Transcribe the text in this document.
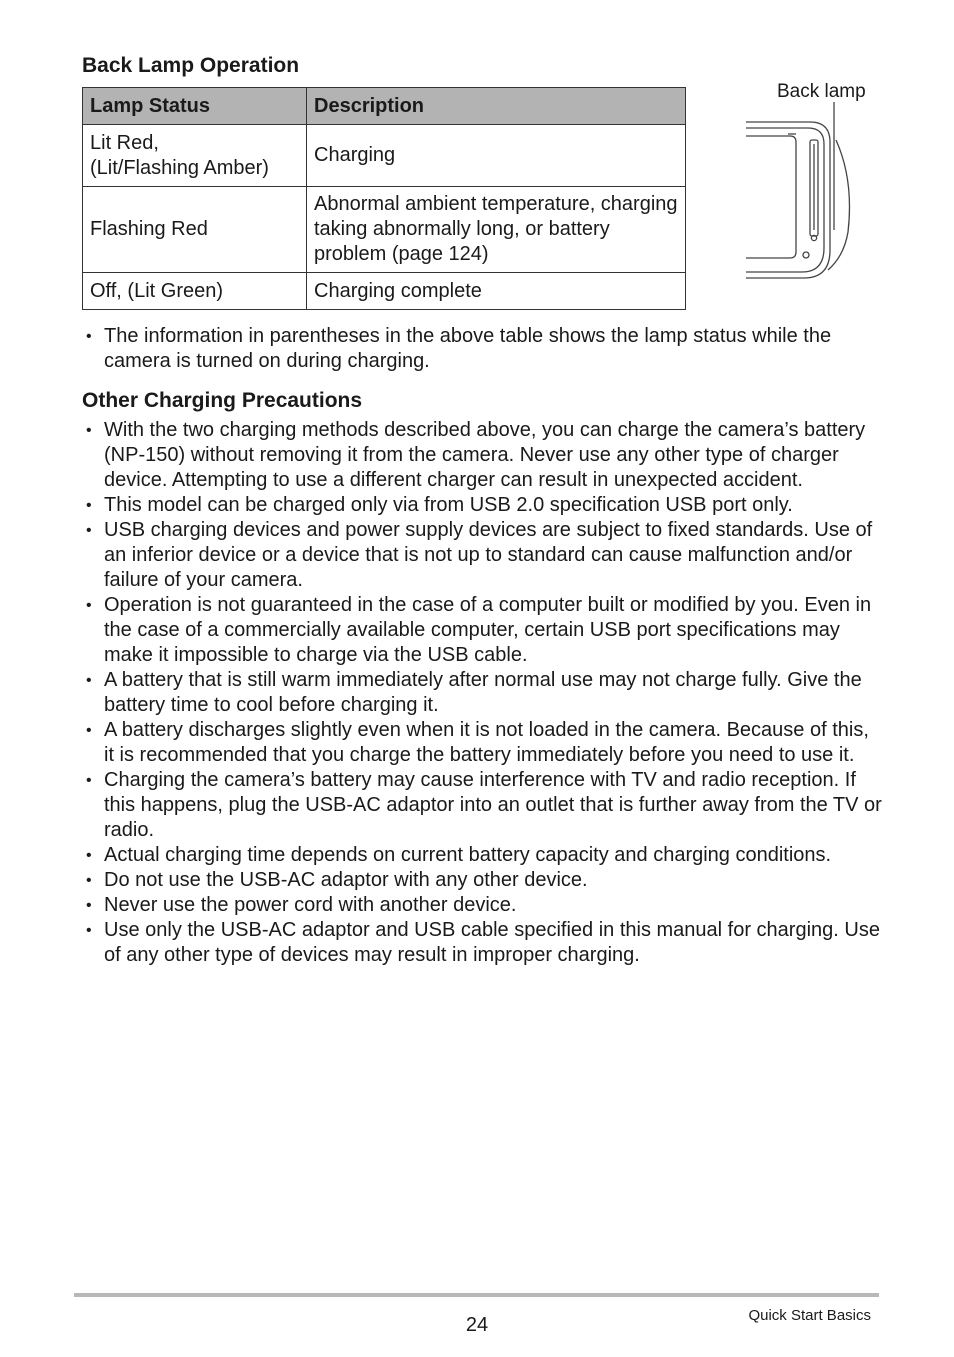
Back Lamp Operation
Lamp Status	Description
Lit Red,
(Lit/Flashing Amber)	Charging
Flashing Red	Abnormal ambient temperature, charging taking abnormally long, or battery problem (page 124)
Off, (Lit Green)	Charging complete
Back lamp
• The information in parentheses in the above table shows the lamp status while the camera is turned on during charging.
Other Charging Precautions
• With the two charging methods described above, you can charge the camera’s battery (NP-150) without removing it from the camera. Never use any other type of charger device. Attempting to use a different charger can result in unexpected accident.
• This model can be charged only via from USB 2.0 specification USB port only.
• USB charging devices and power supply devices are subject to fixed standards. Use of an inferior device or a device that is not up to standard can cause malfunction and/or failure of your camera.
• Operation is not guaranteed in the case of a computer built or modified by you. Even in the case of a commercially available computer, certain USB port specifications may make it impossible to charge via the USB cable.
• A battery that is still warm immediately after normal use may not charge fully. Give the battery time to cool before charging it.
• A battery discharges slightly even when it is not loaded in the camera. Because of this, it is recommended that you charge the battery immediately before you need to use it.
• Charging the camera’s battery may cause interference with TV and radio reception. If this happens, plug the USB-AC adaptor into an outlet that is further away from the TV or radio.
• Actual charging time depends on current battery capacity and charging conditions.
• Do not use the USB-AC adaptor with any other device.
• Never use the power cord with another device.
• Use only the USB-AC adaptor and USB cable specified in this manual for charging. Use of any other type of devices may result in improper charging.
24	Quick Start Basics
